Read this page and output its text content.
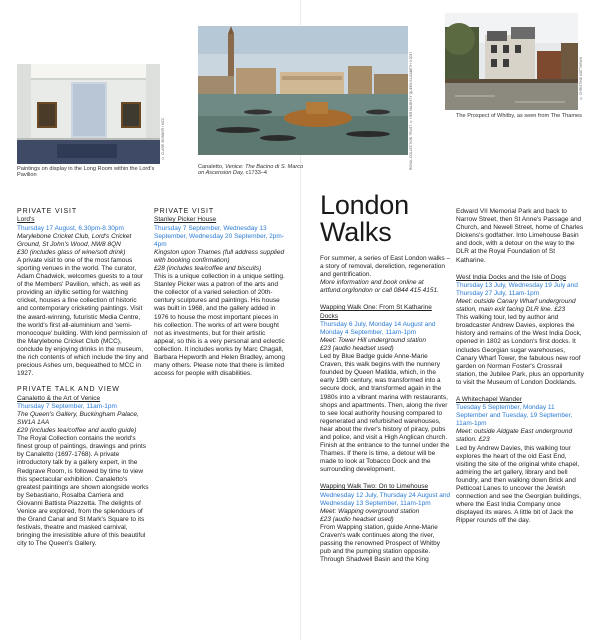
© CLARE SKINNER / MCC
Paintings on display in the Long Room within the Lord's Pavilion
ROYAL COLLECTION TRUST © HER MAJESTY QUEEN ELIZABETH II 2017
Canaletto, Venice: The Bacino di S. Marco on Ascension Day, c1733–4
© CHRISTINE MATTHEWS
The Prospect of Whitby, as seen from The Thames
PRIVATE VISIT
Lord's
Thursday 17 August, 6.30pm-8.30pm
Marylebone Cricket Club, Lord's Cricket Ground, St John's Wood, NW8 8QN
£30 (includes glass of wine/soft drink)
A private visit to one of the most famous sporting venues in the world. The curator, Adam Chadwick, welcomes guests to a tour of the Members' Pavilion, which, as well as providing an idyllic setting for watching cricket, houses a fine collection of historic and contemporary cricketing paintings. Visit the award-winning, futuristic Media Centre, the world's first all-aluminium and 'semi-monocoque' building. With kind permission of the Marylebone Cricket Club (MCC), conclude by enjoying drinks in the museum, the rich contents of which include the tiny and precious Ashes urn, bequeathed to MCC in 1927.
PRIVATE TALK AND VIEW
Canaletto & the Art of Venice
Thursday 7 September, 11am-1pm
The Queen's Gallery, Buckingham Palace, SW1A 1AA
£29 (includes tea/coffee and audio guide)
The Royal Collection contains the world's finest group of paintings, drawings and prints by Canaletto (1697-1768). A private introductory talk by a gallery expert, in the Redgrave Room, is followed by time to view this spectacular exhibition. Canaletto's greatest paintings are shown alongside works by Sebastiano, Rosalba Carriera and Giovanni Battista Piazzetta. The delights of Venice are explored, from the splendours of the Grand Canal and St Mark's Square to its festivals, theatre and masked carnival, bringing the irresistible allure of this beautiful city to The Queen's Gallery.
PRIVATE VISIT
Stanley Picker House
Thursday 7 September, Wednesday 13 September, Wednesday 20 September, 2pm-4pm
Kingston upon Thames (full address supplied with booking confirmation)
£28 (includes tea/coffee and biscuits)
This is a unique collection in a unique setting. Stanley Picker was a patron of the arts and the collector of a varied selection of 20th-century sculptures and paintings. His house was built in 1968, and the gallery added in 1976 to house the most important pieces in his collection. The works of art were bought not as investments, but for their artistic appeal, so this is a very personal and eclectic collection. It includes works by Marc Chagall, Barbara Hepworth and Helen Bradley, among many others. Please note that there is limited access for people with disabilities.
London Walks
For summer, a series of East London walks – a story of removal, dereliction, regeneration and gentrification.
More information and book online at artfund.org/london or call 0844 415 4151.
Wapping Walk One: From St Katharine Docks
Thursday 6 July, Monday 14 August and Monday 4 September, 11am-1pm
Meet: Tower Hill underground station
£23 (audio headset used)
Led by Blue Badge guide Anne-Marie Craven, this walk begins with the nunnery founded by Queen Matilda, which, in the early 19th century, was transformed into a secure dock, and transformed again in the 1980s into a vibrant marina with restaurants, shops and apartments. Then, along the river to see local authority housing compared to regenerated and refurbished warehouses, hear about the river's history of piracy, pubs and police, and visit a High Anglican church. Finish at the entrance to the tunnel under the Thames. If there is time, a detour will be made to look at Tobacco Dock and the surrounding development.
Wapping Walk Two: On to Limehouse
Wednesday 12 July, Thursday 24 August and Wednesday 13 September, 11am-1pm
Meet: Wapping overground station
£23 (audio headset used)
From Wapping station, guide Anne-Marie Craven's walk continues along the river, passing the renowned Prospect of Whitby pub and the pumping station opposite. Through Shadwell Basin and the King
Edward VII Memorial Park and back to Narrow Street, then St Anne's Passage and Church, and Newell Street, home of Charles Dickens's godfather. Into Limehouse Basin and dock, with a detour on the way to the DLR at the Royal Foundation of St Katharine.
West India Docks and the Isle of Dogs
Thursday 13 July, Wednesday 19 July and Thursday 27 July, 11am-1pm
Meet: outside Canary Wharf underground station, main exit facing DLR line. £23
This walking tour, led by author and broadcaster Andrew Davies, explores the history and remains of the West India Dock, opened in 1802 as London's first docks. It includes Georgian sugar warehouses, Canary Wharf Tower, the fabulous new roof garden on Norman Foster's Crossrail station, the Jubilee Park, plus an opportunity to visit the Museum of London Docklands.
A Whitechapel Wander
Tuesday 5 September, Monday 11 September and Tuesday, 19 September, 11am-1pm
Meet: outside Aldgate East underground station. £23
Led by Andrew Davies, this walking tour explores the heart of the old East End, visiting the site of the original white chapel, admiring the art gallery, library and bell foundry, and then walking down Brick and Petticoat Lanes to uncover the Jewish connection and see the Georgian buildings, where the East India Company once displayed its wares. A little bit of Jack the Ripper rounds off the day.
